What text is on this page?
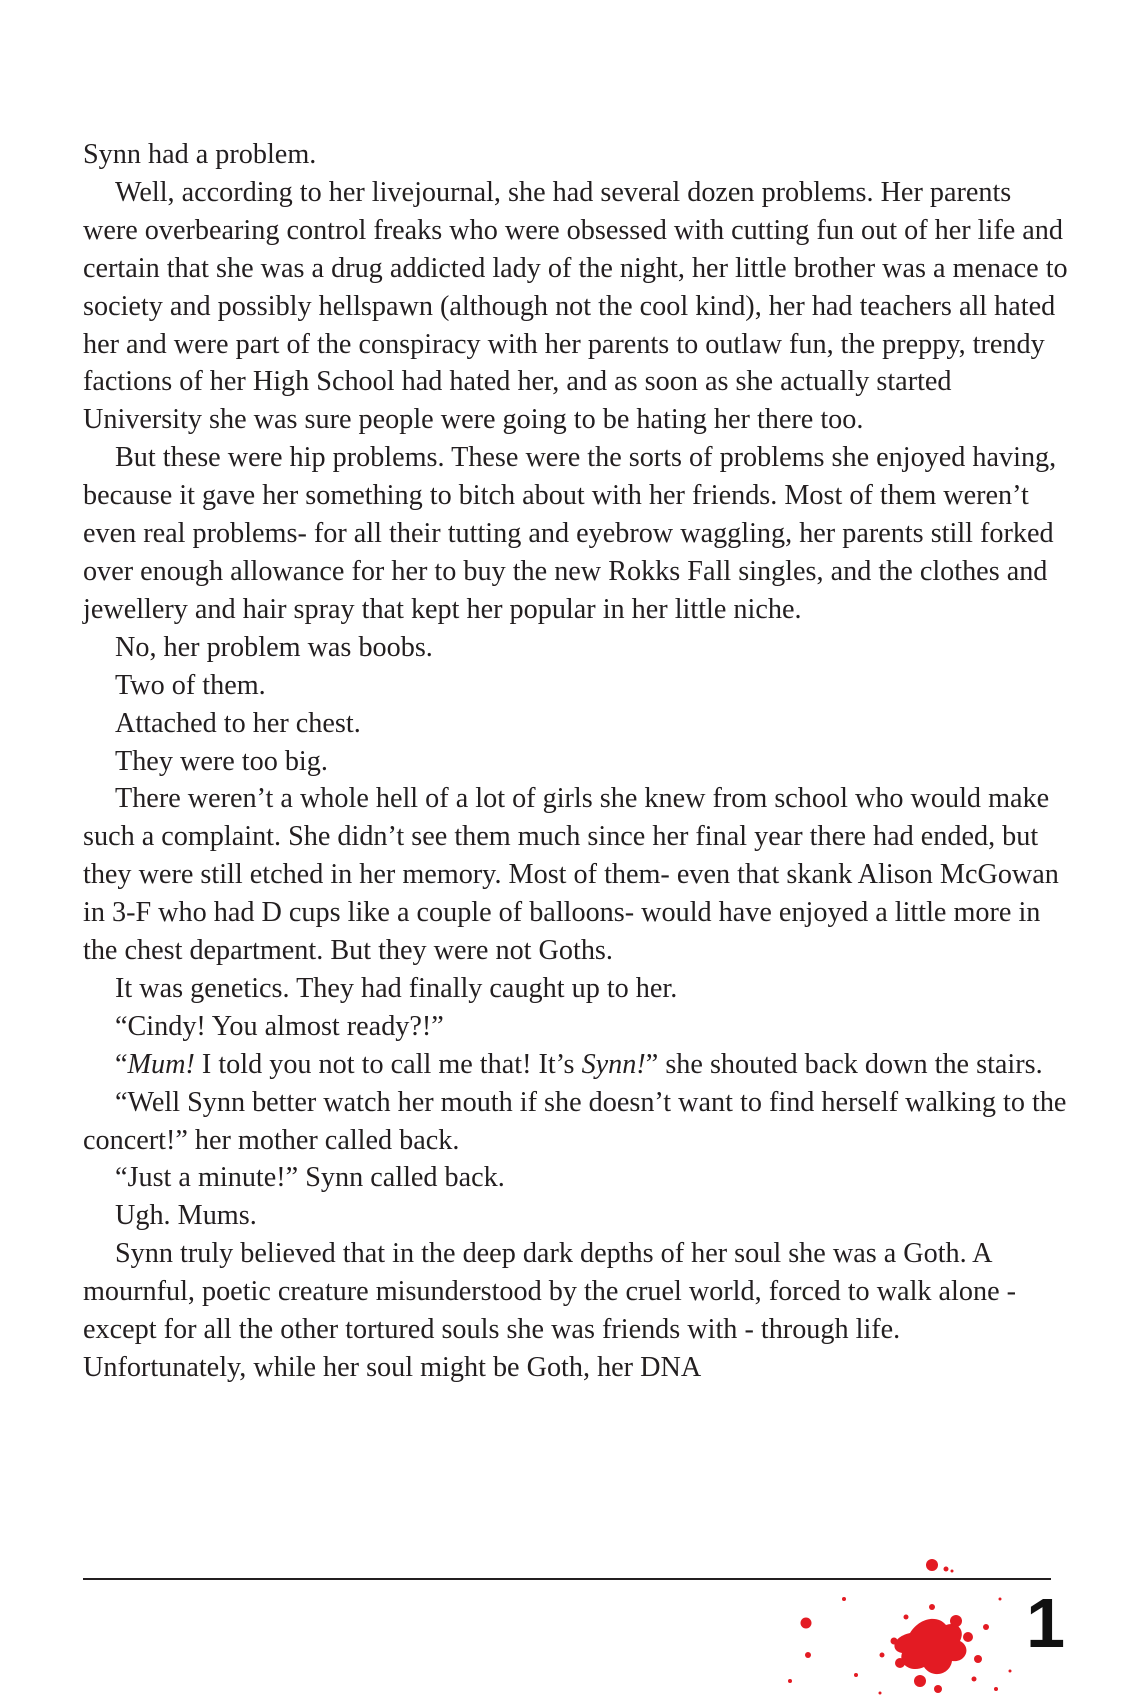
Synn had a problem.

Well, according to her livejournal, she had several dozen problems. Her parents were overbearing control freaks who were obsessed with cutting fun out of her life and certain that she was a drug addicted lady of the night, her little brother was a menace to society and possibly hellspawn (although not the cool kind), her had teachers all hated her and were part of the conspiracy with her parents to outlaw fun, the preppy, trendy factions of her High School had hated her, and as soon as she actually started University she was sure people were going to be hating her there too.

But these were hip problems. These were the sorts of problems she enjoyed having, because it gave her something to bitch about with her friends. Most of them weren’t even real problems- for all their tutting and eyebrow waggling, her parents still forked over enough allowance for her to buy the new Rokks Fall singles, and the clothes and jewellery and hair spray that kept her popular in her little niche.

No, her problem was boobs.

Two of them.

Attached to her chest.

They were too big.

There weren’t a whole hell of a lot of girls she knew from school who would make such a complaint. She didn’t see them much since her final year there had ended, but they were still etched in her memory. Most of them- even that skank Alison McGowan in 3-F who had D cups like a couple of balloons- would have enjoyed a little more in the chest department. But they were not Goths.

It was genetics. They had finally caught up to her.

“Cindy! You almost ready?!”

“Mum! I told you not to call me that! It’s Synn!” she shouted back down the stairs.

“Well Synn better watch her mouth if she doesn’t want to find herself walking to the concert!” her mother called back.

“Just a minute!” Synn called back.

Ugh. Mums.

Synn truly believed that in the deep dark depths of her soul she was a Goth. A mournful, poetic creature misunderstood by the cruel world, forced to walk alone - except for all the other tortured souls she was friends with - through life. Unfortunately, while her soul might be Goth, her DNA

1
